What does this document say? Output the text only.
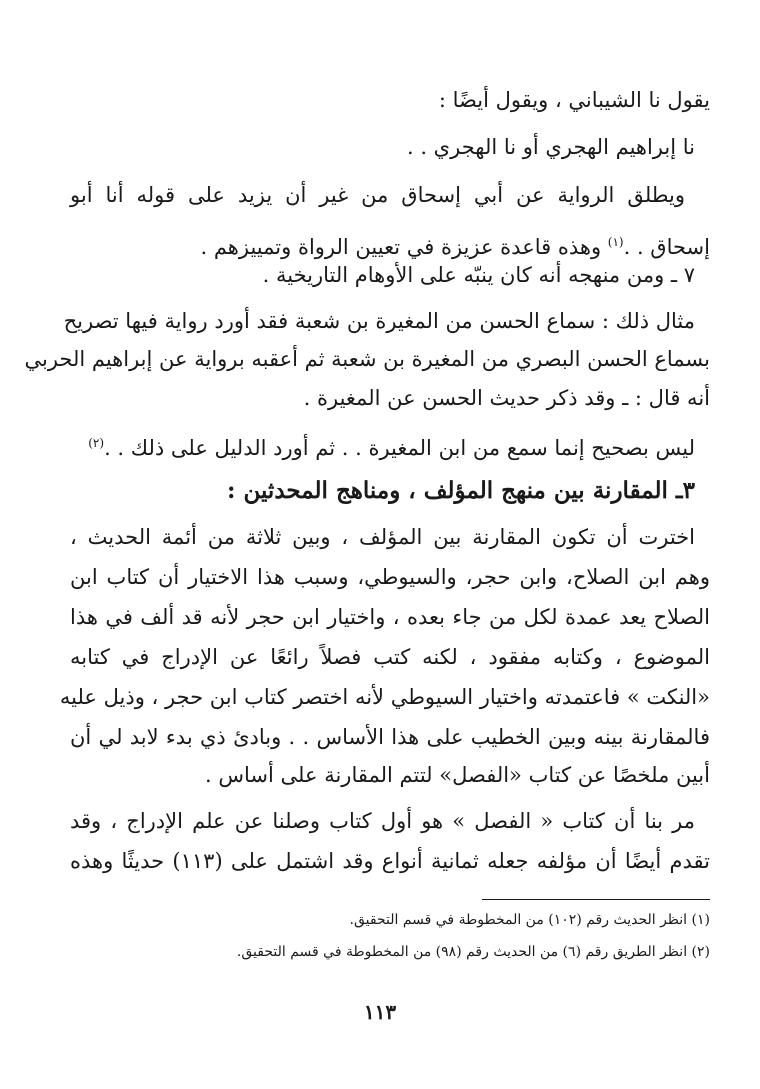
يقول نا الشيباني ، ويقول أيضًا :
نا إبراهيم الهجري أو نا الهجري . .
ويطلق الرواية عن أبي إسحاق من غير أن يزيد على قوله أنا أبو
إسحاق . .$^{(١)}$ وهذه قاعدة عزيزة في تعيين الرواة وتمييزهم .
٧ ـ ومن منهجه أنه كان ينبّه على الأوهام التاريخية .
مثال ذلك : سماع الحسن من المغيرة بن شعبة فقد أورد رواية فيها تصريح
بسماع الحسن البصري من المغيرة بن شعبة ثم أعقبه برواية عن إبراهيم الحربي
أنه قال : ـ وقد ذكر حديث الحسن عن المغيرة .
ليس بصحيح إنما سمع من ابن المغيرة . . ثم أورد الدليل على ذلك . .$^{(٢)}$
٣ـ المقارنة بين منهج المؤلف ، ومناهج المحدثين :
اخترت أن تكون المقارنة بين المؤلف ، وبين ثلاثة من أئمة الحديث ،
وهم ابن الصلاح، وابن حجر، والسيوطي، وسبب هذا الاختيار أن كتاب ابن
الصلاح يعد عمدة لكل من جاء بعده ، واختيار ابن حجر لأنه قد ألف في هذا
الموضوع ، وكتابه مفقود ، لكنه كتب فصلاً رائعًا عن الإدراج في كتابه
«النكت » فاعتمدته واختيار السيوطي لأنه اختصر كتاب ابن حجر ، وذيل عليه
فالمقارنة بينه وبين الخطيب على هذا الأساس . . وبادئ ذي بدء لابد لي أن
أبين ملخصًا عن كتاب «الفصل» لتتم المقارنة على أساس .
مر بنا أن كتاب « الفصل » هو أول كتاب وصلنا عن علم الإدراج ، وقد
تقدم أيضًا أن مؤلفه جعله ثمانية أنواع وقد اشتمل على (١١٣) حديثًا وهذه
(١) انظر الحديث رقم (١٠٢) من المخطوطة في قسم التحقيق.
(٢) انظر الطريق رقم (٦) من الحديث رقم (٩٨) من المخطوطة في قسم التحقيق.
١١٣
